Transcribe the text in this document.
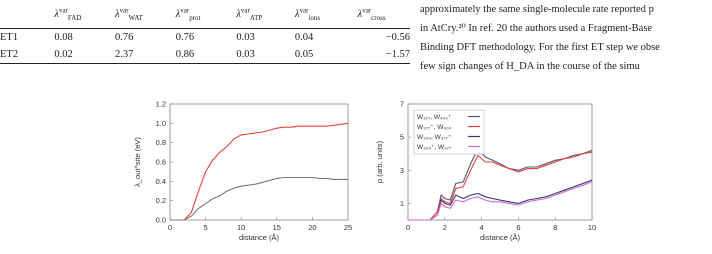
	$\lambda^{var}_{FAD}$	$\lambda^{var}_{WAT}$	$\lambda^{var}_{prot}$	$\lambda^{var}_{ATP}$	$\lambda^{var}_{ions}$	$\lambda^{var}_{cross}$
ET1	0.08	0.76	0.76	0.03	0.04	−0.56
ET2	0.02	2.37	0.86	0.03	0.05	−1.57
approximately the same single-molecule rate reported p
in AtCry.²⁰ In ref. 20 the authors used a Fragment-Base
Binding DFT methodology. For the first ET step we obse
few sign changes of H_DA in the course of the simu
0	5	10	15	20	25
0.0
0.2
0.4
0.6
0.8
1.0
1.2
distance (Å)
λ_out^site (eV)
0	2	4	6	8	10
1
3
5
7
distance (Å)
ρ (arb. units)
W₃₇₇, W₄₀₀⁺
W₃₇₇⁺, W₄₀₀
W₃₂₄, W₃₇₇⁺
W₃₂₄⁺, W₃₇₇
